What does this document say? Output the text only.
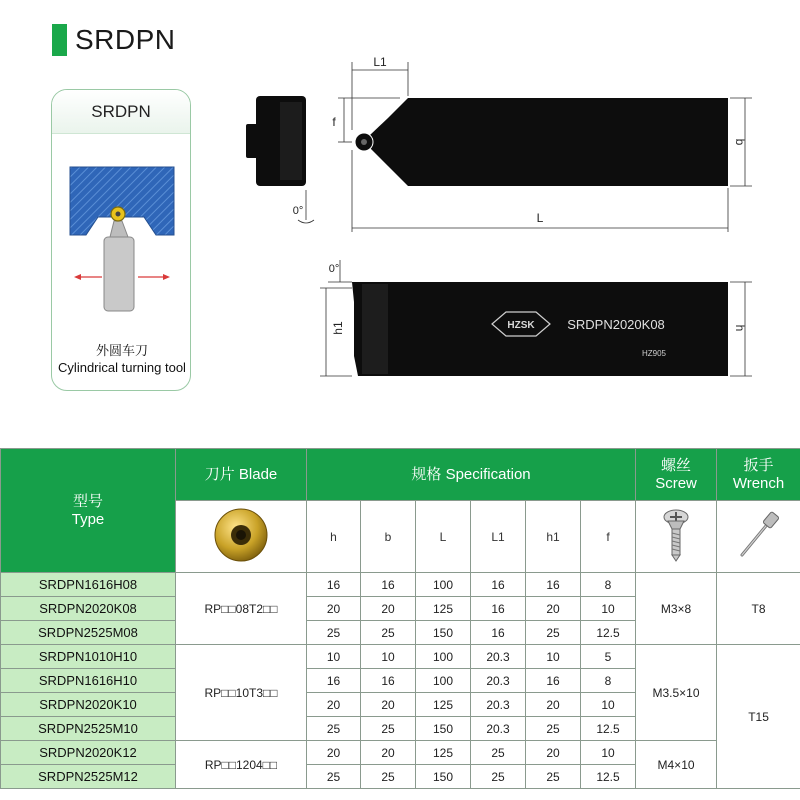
SRDPN
SRDPN
外圆车刀
Cylindrical turning tool
L1
f
b
L
0°
HZSK	SRDPN2020K08
HZ905
0°
h1	h
型号
Type	刀片 Blade	规格 Specification						螺丝
Screw	扳手
Wrench

	h	b	L	L1	h1	f		
SRDPN1616H08	RP□□08T2□□	16	16	100	16	16	8	M3×8	T8
SRDPN2020K08		20	20	125	16	20	10		
SRDPN2525M08		25	25	150	16	25	12.5		
SRDPN1010H10	RP□□10T3□□	10	10	100	20.3	10	5	M3.5×10	T15
SRDPN1616H10		16	16	100	20.3	16	8		
SRDPN2020K10		20	20	125	20.3	20	10		
SRDPN2525M10		25	25	150	20.3	25	12.5		
SRDPN2020K12	RP□□1204□□	20	20	125	25	20	10	M4×10	
SRDPN2525M12		25	25	150	25	25	12.5		
